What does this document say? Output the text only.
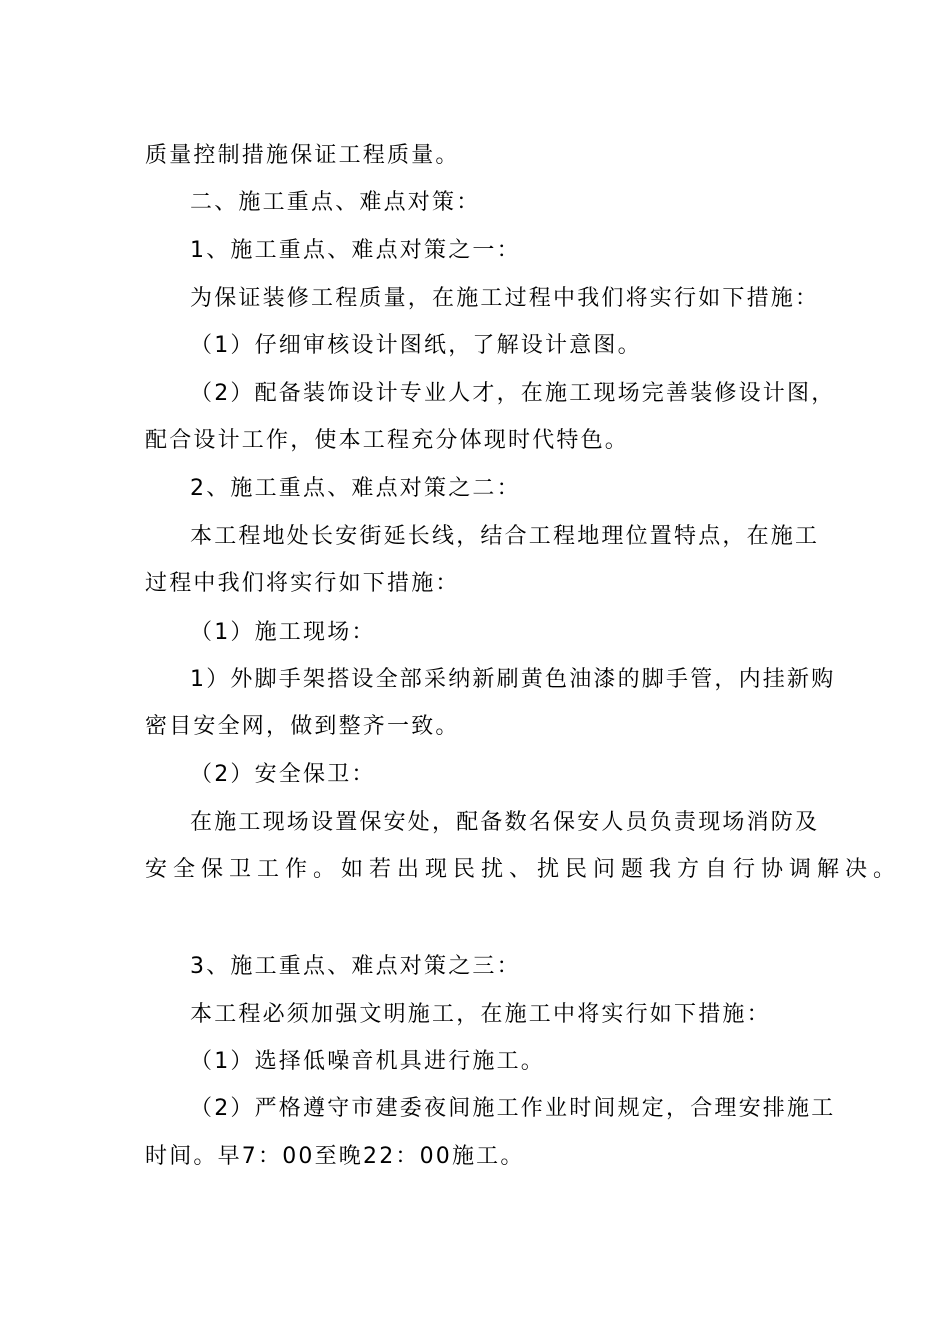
质量控制措施保证工程质量。
二、施工重点、难点对策：
1、施工重点、难点对策之一：
为保证装修工程质量，在施工过程中我们将实行如下措施：
（1）仔细审核设计图纸，了解设计意图。
（2）配备装饰设计专业人才，在施工现场完善装修设计图，
配合设计工作，使本工程充分体现时代特色。
2、施工重点、难点对策之二：
本工程地处长安街延长线，结合工程地理位置特点，在施工
过程中我们将实行如下措施：
（1）施工现场：
1）外脚手架搭设全部采纳新刷黄色油漆的脚手管，内挂新购
密目安全网，做到整齐一致。
（2）安全保卫：
在施工现场设置保安处，配备数名保安人员负责现场消防及
安全保卫工作。如若出现民扰、扰民问题我方自行协调解决。
3、施工重点、难点对策之三：
本工程必须加强文明施工，在施工中将实行如下措施：
（1）选择低噪音机具进行施工。
（2）严格遵守市建委夜间施工作业时间规定，合理安排施工
时间。早7：00至晚22：00施工。
